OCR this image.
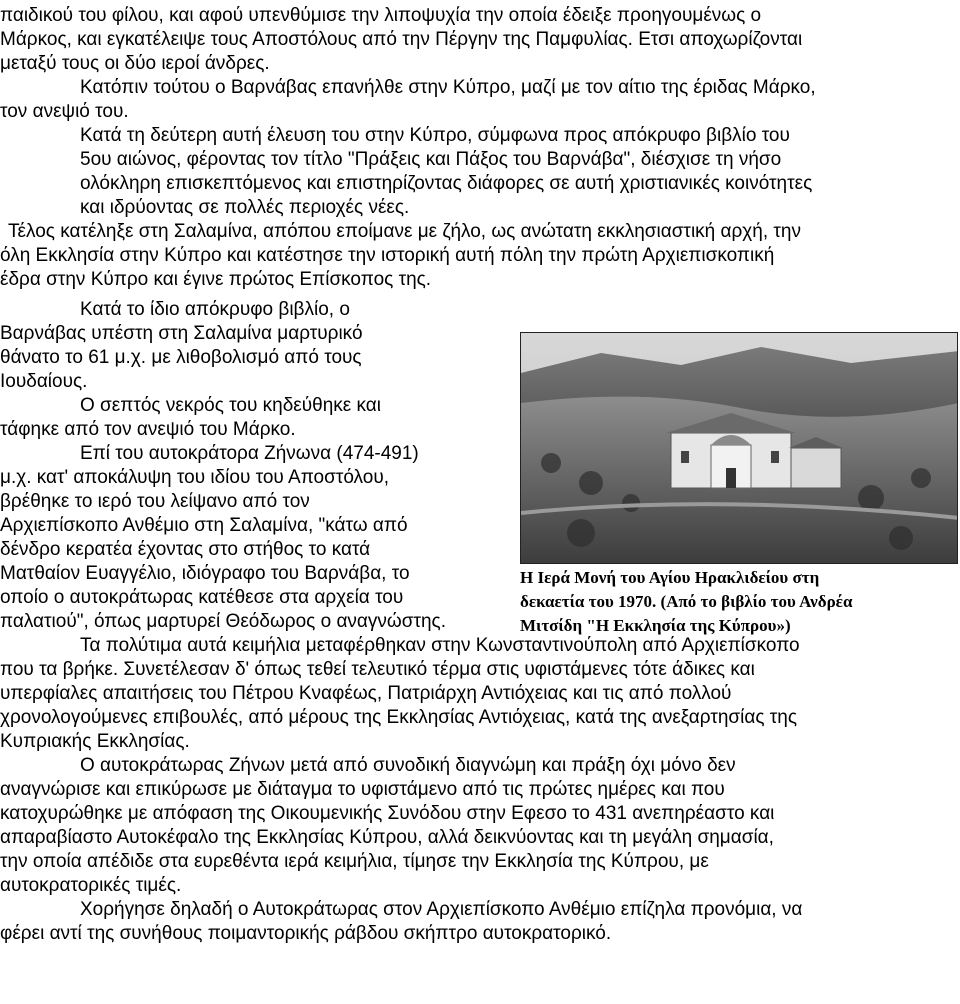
παιδικού του φίλου, και αφού υπενθύμισε την λιποψυχία την οποία έδειξε προηγουμένως ο
Μάρκος, και εγκατέλειψε τους Αποστόλους από την Πέργην της Παμφυλίας. Ετσι αποχωρίζονται
μεταξύ τους οι δύο ιεροί άνδρες.
Κατόπιν τούτου ο Βαρνάβας επανήλθε στην Κύπρο, μαζί με τον αίτιο της έριδας Μάρκο,
τον ανεψιό του.
Κατά τη δεύτερη αυτή έλευση του στην Κύπρο, σύμφωνα προς απόκρυφο βιβλίο του
5ου αιώνος, φέροντας τον τίτλο "Πράξεις και Πάξος του Βαρνάβα", διέσχισε τη νήσο
ολόκληρη επισκεπτόμενος και επιστηρίζοντας διάφορες σε αυτή χριστιανικές κοινότητες
και ιδρύοντας σε πολλές περιοχές νέες.
Τέλος κατέληξε στη Σαλαμίνα, απόπου εποίμανε με ζήλο, ως ανώτατη εκκλησιαστική αρχή, την
όλη Εκκλησία στην Κύπρο και κατέστησε την ιστορική αυτή πόλη την πρώτη Αρχιεπισκοπική
έδρα στην Κύπρο και έγινε πρώτος Επίσκοπος της.
Κατά το ίδιο απόκρυφο βιβλίο, ο
Βαρνάβας υπέστη στη Σαλαμίνα μαρτυρικό
θάνατο το 61 μ.χ. με λιθοβολισμό από τους
Ιουδαίους.
Ο σεπτός νεκρός του κηδεύθηκε και
τάφηκε από τον ανεψιό του Μάρκο.
Επί του αυτοκράτορα Ζήνωνα (474-491)
μ.χ. κατ' αποκάλυψη του ιδίου του Αποστόλου,
βρέθηκε το ιερό του λείψανο από τον
Αρχιεπίσκοπο Ανθέμιο στη Σαλαμίνα, "κάτω από
δένδρο κερατέα έχοντας στο στήθος το κατά
Ματθαίον Ευαγγέλιο, ιδιόγραφο του Βαρνάβα, το
οποίο ο αυτοκράτωρας κατέθεσε στα αρχεία του
παλατιού", όπως μαρτυρεί Θεόδωρος ο αναγνώστης.
Τα πολύτιμα αυτά κειμήλια μεταφέρθηκαν στην Κωνσταντινούπολη από Αρχιεπίσκοπο
που τα βρήκε. Συνετέλεσαν δ' όπως τεθεί τελευτικό τέρμα στις υφιστάμενες τότε άδικες και
υπερφίαλες απαιτήσεις του Πέτρου Κναφέως, Πατριάρχη Αντιόχειας και τις από πολλού
χρονολογούμενες επιβουλές, από μέρους της Εκκλησίας Αντιόχειας, κατά της ανεξαρτησίας της
Κυπριακής Εκκλησίας.
Ο αυτοκράτωρας Ζήνων μετά από συνοδική διαγνώμη και πράξη όχι μόνο δεν
αναγνώρισε και επικύρωσε με διάταγμα το υφιστάμενο από τις πρώτες ημέρες και που
κατοχυρώθηκε με απόφαση της Οικουμενικής Συνόδου στην Εφεσο το 431 ανεπηρέαστο και
απαραβίαστο Αυτοκέφαλο της Εκκλησίας Κύπρου, αλλά δεικνύοντας και τη μεγάλη σημασία,
την οποία απέδιδε στα ευρεθέντα ιερά κειμήλια, τίμησε την Εκκλησία της Κύπρου, με
αυτοκρατορικές τιμές.
Χορήγησε δηλαδή ο Αυτοκράτωρας στον Αρχιεπίσκοπο Ανθέμιο επίζηλα προνόμια, να
φέρει αντί της συνήθους ποιμαντορικής ράβδου σκήπτρο αυτοκρατορικό.
Η Ιερά Μονή του Αγίου Ηρακλιδείου στη
δεκαετία του 1970. (Από το βιβλίο του Ανδρέα
Μιτσίδη "Η Εκκλησία της Κύπρου»)
